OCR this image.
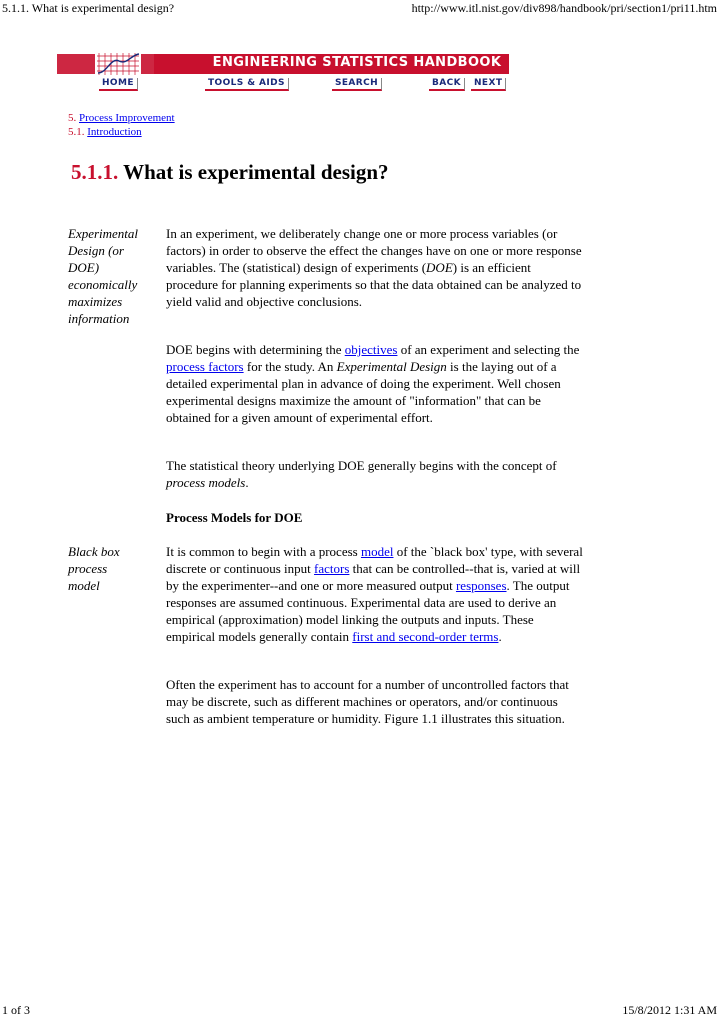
5.1.1. What is experimental design?	http://www.itl.nist.gov/div898/handbook/pri/section1/pri11.htm
ENGINEERING STATISTICS HANDBOOK
HOME	TOOLS & AIDS	SEARCH	BACK	NEXT
5. Process Improvement
5.1. Introduction
5.1.1. What is experimental design?
Experimental
Design (or
DOE)
economically
maximizes
information
In an experiment, we deliberately change one or more process variables (or factors) in order to observe the effect the changes have on one or more response variables. The (statistical) design of experiments (DOE) is an efficient procedure for planning experiments so that the data obtained can be analyzed to yield valid and objective conclusions.
DOE begins with determining the objectives of an experiment and selecting the process factors for the study. An Experimental Design is the laying out of a detailed experimental plan in advance of doing the experiment. Well chosen experimental designs maximize the amount of "information" that can be obtained for a given amount of experimental effort.
The statistical theory underlying DOE generally begins with the concept of process models.
Process Models for DOE
Black box
process
model
It is common to begin with a process model of the `black box' type, with several discrete or continuous input factors that can be controlled--that is, varied at will by the experimenter--and one or more measured output responses. The output responses are assumed continuous. Experimental data are used to derive an empirical (approximation) model linking the outputs and inputs. These empirical models generally contain first and second-order terms.
Often the experiment has to account for a number of uncontrolled factors that may be discrete, such as different machines or operators, and/or continuous such as ambient temperature or humidity. Figure 1.1 illustrates this situation.
1 of 3	15/8/2012 1:31 AM
